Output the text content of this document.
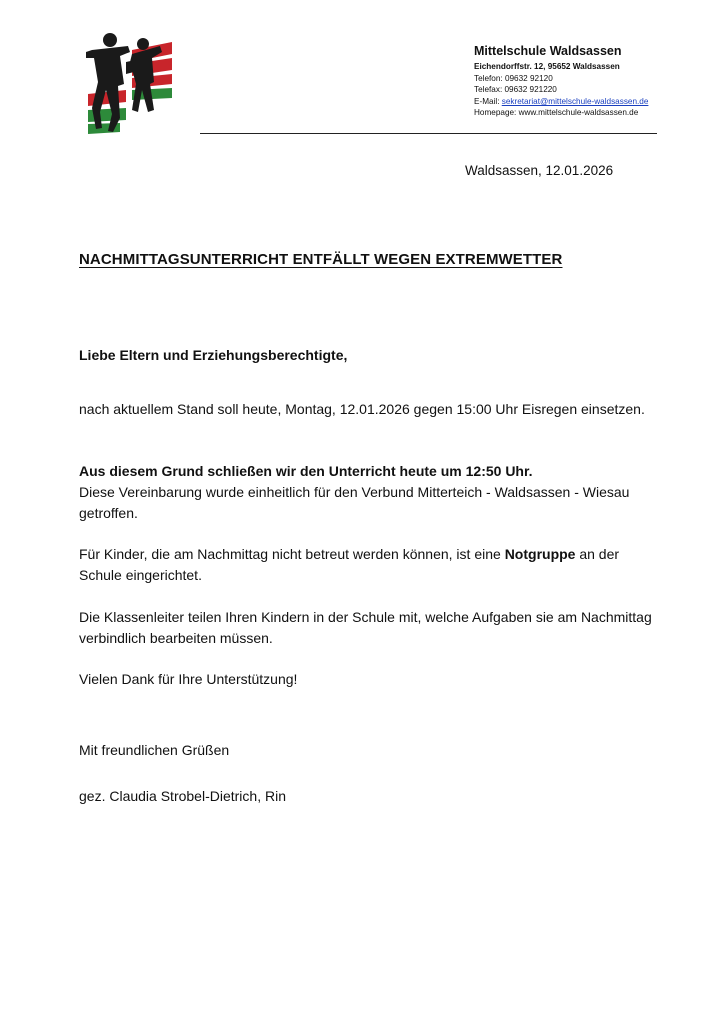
Mittelschule Waldsassen
Eichendorffstr. 12, 95652 Waldsassen
Telefon: 09632 92120
Telefax: 09632 921220
E-Mail: sekretariat@mittelschule-waldsassen.de
Homepage: www.mittelschule-waldsassen.de
Waldsassen, 12.01.2026
NACHMITTAGSUNTERRICHT ENTFÄLLT WEGEN EXTREMWETTER
Liebe Eltern und Erziehungsberechtigte,
nach aktuellem Stand soll heute, Montag, 12.01.2026 gegen 15:00 Uhr Eisregen einsetzen.
Aus diesem Grund schließen wir den Unterricht heute um 12:50 Uhr.
Diese Vereinbarung wurde einheitlich für den Verbund Mitterteich - Waldsassen - Wiesau getroffen.
Für Kinder, die am Nachmittag nicht betreut werden können, ist eine Notgruppe an der Schule eingerichtet.
Die Klassenleiter teilen Ihren Kindern in der Schule mit, welche Aufgaben sie am Nachmittag verbindlich bearbeiten müssen.
Vielen Dank für Ihre Unterstützung!
Mit freundlichen Grüßen
gez. Claudia Strobel-Dietrich, Rin
